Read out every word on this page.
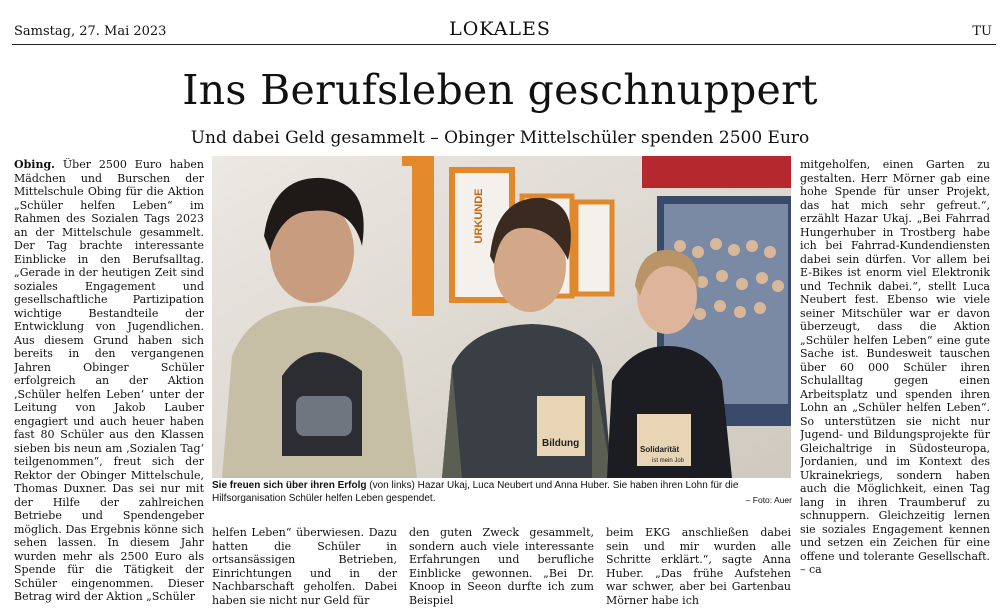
Samstag, 27. Mai 2023	LOKALES	TU
Ins Berufsleben geschnuppert
Und dabei Geld gesammelt – Obinger Mittelschüler spenden 2500 Euro
Obing. Über 2500 Euro haben Mädchen und Burschen der Mittelschule Obing für die Aktion „Schüler helfen Leben“ im Rahmen des Sozialen Tags 2023 an der Mittelschule gesammelt. Der Tag brachte interessante Einblicke in den Berufsalltag. „Gerade in der heutigen Zeit sind soziales Engagement und gesellschaftliche Partizipation wichtige Bestandteile der Entwicklung von Jugendlichen. Aus diesem Grund haben sich bereits in den vergangenen Jahren Obinger Schüler erfolgreich an der Aktion ‚Schüler helfen Leben‘ unter der Leitung von Jakob Lauber engagiert und auch heuer haben fast 80 Schüler aus den Klassen sieben bis neun am ‚Sozialen Tag‘ teilgenommen“, freut sich der Rektor der Obinger Mittelschule, Thomas Duxner. Das sei nur mit der Hilfe der zahlreichen Betriebe und Spendengeber möglich. Das Ergebnis könne sich sehen lassen. In diesem Jahr wurden mehr als 2500 Euro als Spende für die Tätigkeit der Schüler eingenommen. Dieser Betrag wird der Aktion „Schüler
URKUNDE
Bildung
Solidarität
ist mein Job
Sie freuen sich über ihren Erfolg (von links) Hazar Ukaj, Luca Neubert und Anna Huber. Sie haben ihren Lohn für die Hilfsorganisation Schüler helfen Leben gespendet.	– Foto: Auer
helfen Leben“ überwiesen. Dazu hatten die Schüler in ortsansässigen Betrieben, Einrichtungen und in der Nachbarschaft geholfen. Dabei haben sie nicht nur Geld für
den guten Zweck gesammelt, sondern auch viele interessante Erfahrungen und berufliche Einblicke gewonnen. „Bei Dr. Knoop in Seeon durfte ich zum Beispiel
beim EKG anschließen dabei sein und mir wurden alle Schritte erklärt.“, sagte Anna Huber. „Das frühe Aufstehen war schwer, aber bei Gartenbau Mörner habe ich
mitgeholfen, einen Garten zu gestalten. Herr Mörner gab eine hohe Spende für unser Projekt, das hat mich sehr gefreut.“, erzählt Hazar Ukaj. „Bei Fahrrad Hungerhuber in Trostberg habe ich bei Fahrrad-Kundendiensten dabei sein dürfen. Vor allem bei E-Bikes ist enorm viel Elektronik und Technik dabei.“, stellt Luca Neubert fest. Ebenso wie viele seiner Mitschüler war er davon überzeugt, dass die Aktion „Schüler helfen Leben“ eine gute Sache ist. Bundesweit tauschen über 60 000 Schüler ihren Schulalltag gegen einen Arbeitsplatz und spenden ihren Lohn an „Schüler helfen Leben“. So unterstützen sie nicht nur Jugend- und Bildungsprojekte für Gleichaltrige in Südosteuropa, Jordanien, und im Kontext des Ukrainekriegs, sondern haben auch die Möglichkeit, einen Tag lang in ihren Traumberuf zu schnuppern. Gleichzeitig lernen sie soziales Engagement kennen und setzen ein Zeichen für eine offene und tolerante Gesellschaft. – ca
